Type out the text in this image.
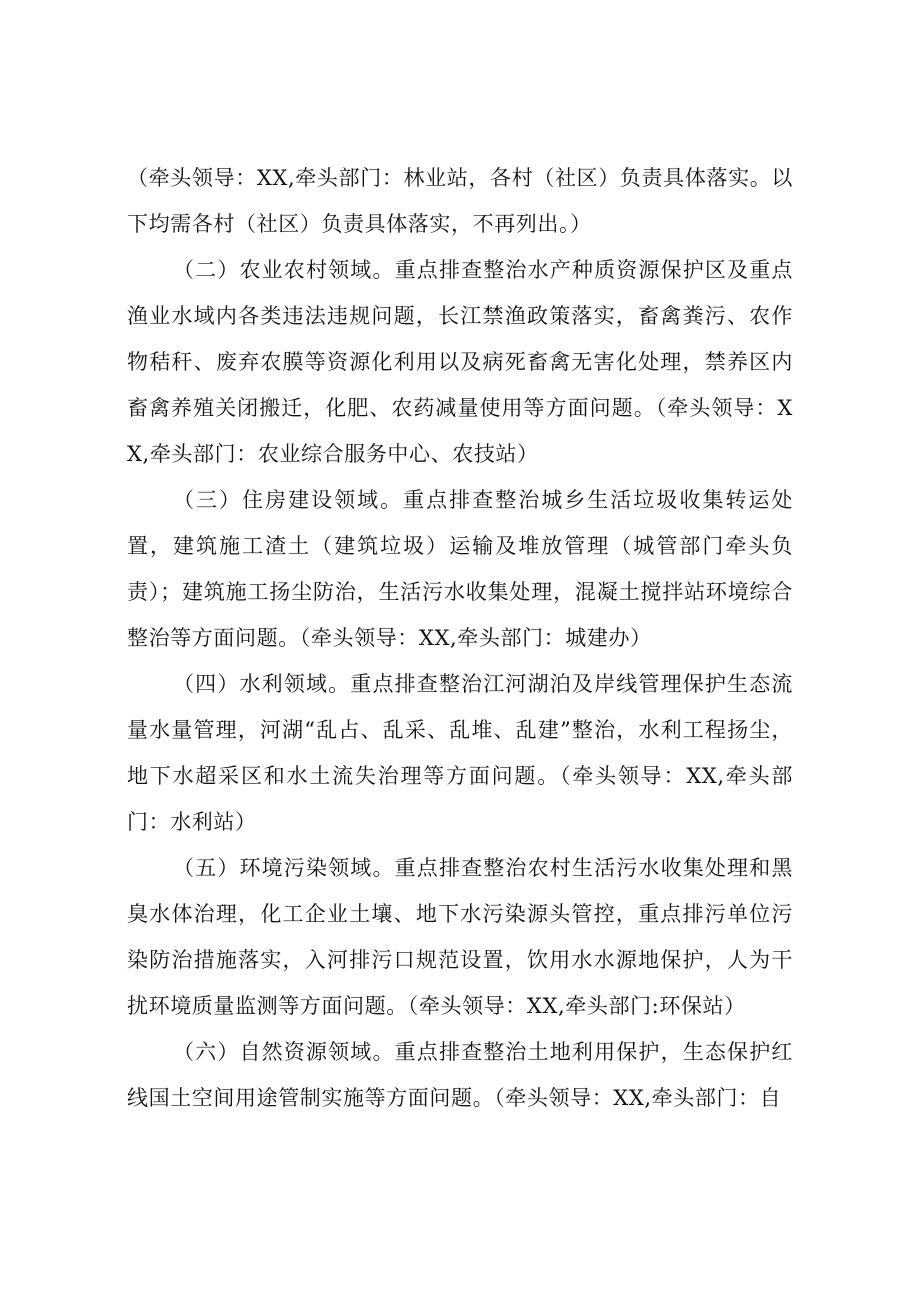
（牵头领导：XX,牵头部门：林业站，各村（社区）负责具体落实。以下均需各村（社区）负责具体落实，不再列出。）

（二）农业农村领域。重点排查整治水产种质资源保护区及重点渔业水域内各类违法违规问题，长江禁渔政策落实，畜禽粪污、农作物秸秆、废弃农膜等资源化利用以及病死畜禽无害化处理，禁养区内畜禽养殖关闭搬迁，化肥、农药减量使用等方面问题。（牵头领导：XX,牵头部门：农业综合服务中心、农技站）

（三）住房建设领域。重点排查整治城乡生活垃圾收集转运处置，建筑施工渣土（建筑垃圾）运输及堆放管理（城管部门牵头负责）；建筑施工扬尘防治，生活污水收集处理，混凝土搅拌站环境综合整治等方面问题。（牵头领导：XX,牵头部门：城建办）

（四）水利领域。重点排查整治江河湖泊及岸线管理保护生态流量水量管理，河湖“乱占、乱采、乱堆、乱建”整治，水利工程扬尘，地下水超采区和水土流失治理等方面问题。（牵头领导：XX,牵头部门：水利站）

（五）环境污染领域。重点排查整治农村生活污水收集处理和黑臭水体治理，化工企业土壤、地下水污染源头管控，重点排污单位污染防治措施落实，入河排污口规范设置，饮用水水源地保护，人为干扰环境质量监测等方面问题。（牵头领导：XX,牵头部门:环保站）

（六）自然资源领域。重点排查整治土地利用保护，生态保护红线国土空间用途管制实施等方面问题。（牵头领导：XX,牵头部门：自
